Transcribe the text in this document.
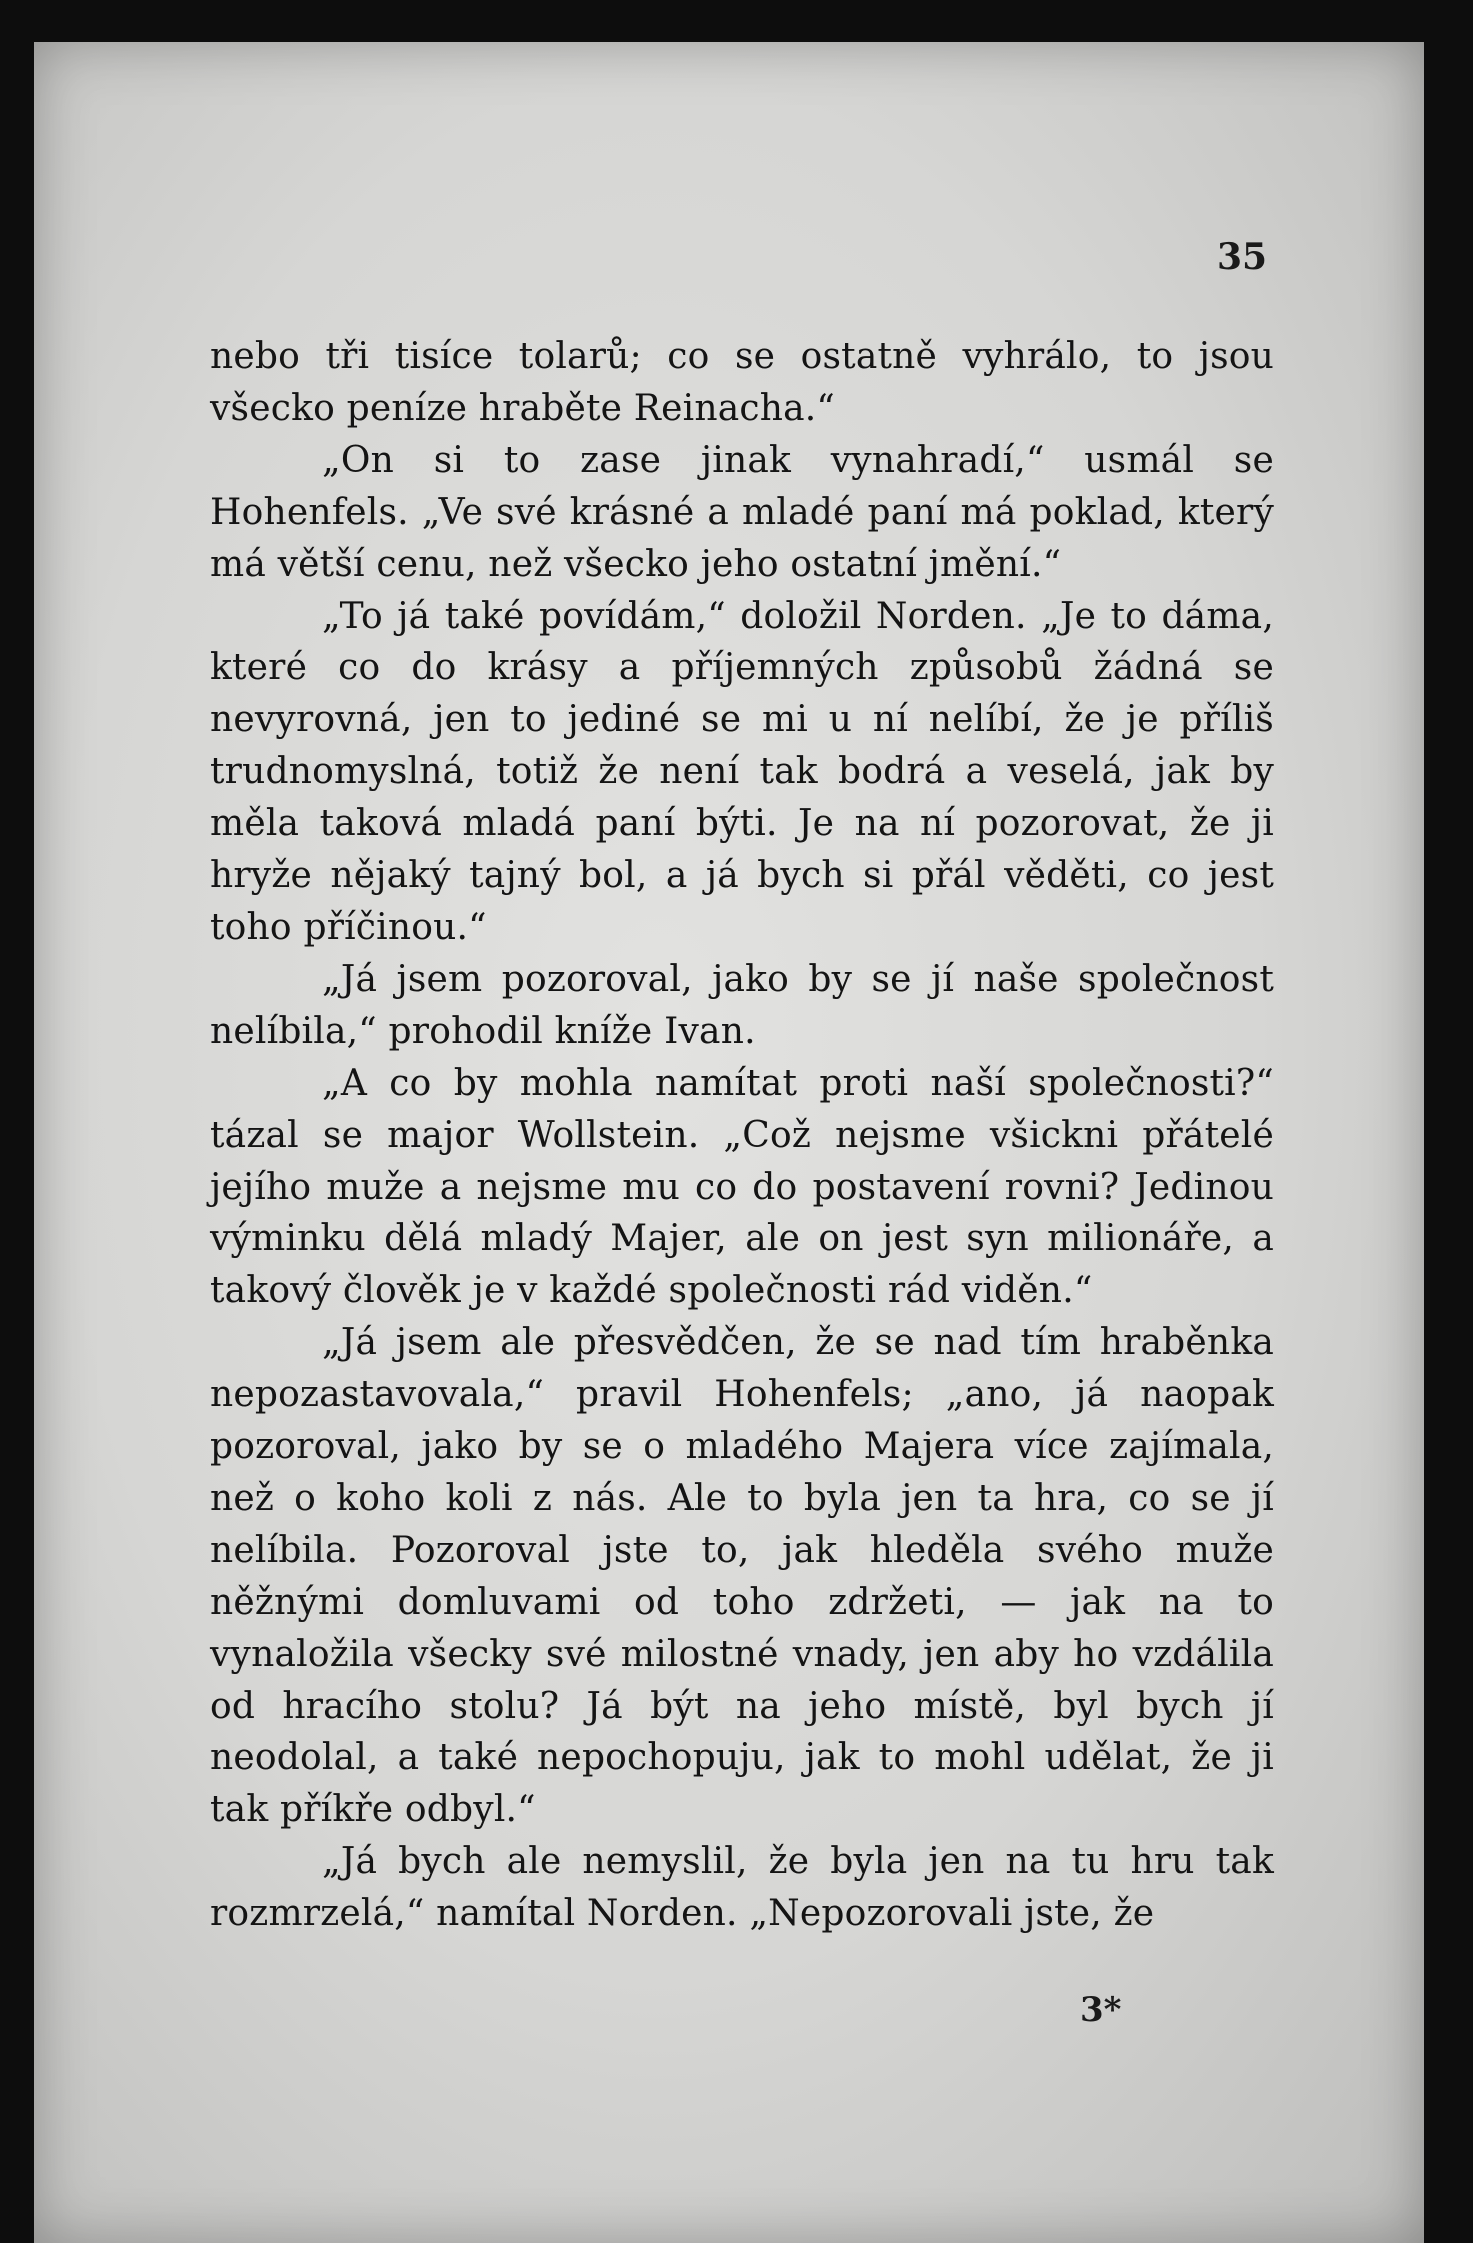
35

nebo tři tisíce tolarů; co se ostatně vyhrálo, to jsou všecko peníze hraběte Reinacha.“

„On si to zase jinak vynahradí,“ usmál se Hohenfels. „Ve své krásné a mladé paní má poklad, který má větší cenu, než všecko jeho ostatní jmění.“

„To já také povídám,“ doložil Norden. „Je to dáma, které co do krásy a příjemných způsobů žádná se nevyrovná, jen to jediné se mi u ní nelíbí, že je příliš trudnomyslná, totiž že není tak bodrá a veselá, jak by měla taková mladá paní býti. Je na ní pozorovat, že ji hryže nějaký tajný bol, a já bych si přál věděti, co jest toho příčinou.“

„Já jsem pozoroval, jako by se jí naše společnost nelíbila,“ prohodil kníže Ivan.

„A co by mohla namítat proti naší společnosti?“ tázal se major Wollstein. „Což nejsme všickni přátelé jejího muže a nejsme mu co do postavení rovni? Jedinou výminku dělá mladý Majer, ale on jest syn milionáře, a takový člověk je v každé společnosti rád viděn.“

„Já jsem ale přesvědčen, že se nad tím hraběnka nepozastavovala,“ pravil Hohenfels; „ano, já naopak pozoroval, jako by se o mladého Majera více zajímala, než o koho koli z nás. Ale to byla jen ta hra, co se jí nelíbila. Pozoroval jste to, jak hleděla svého muže něžnými domluvami od toho zdržeti, — jak na to vynaložila všecky své milostné vnady, jen aby ho vzdálila od hracího stolu? Já být na jeho místě, byl bych jí neodolal, a také nepochopuju, jak to mohl udělat, že ji tak příkře odbyl.“

„Já bych ale nemyslil, že byla jen na tu hru tak rozmrzelá,“ namítal Norden. „Nepozorovali jste, že

3*
